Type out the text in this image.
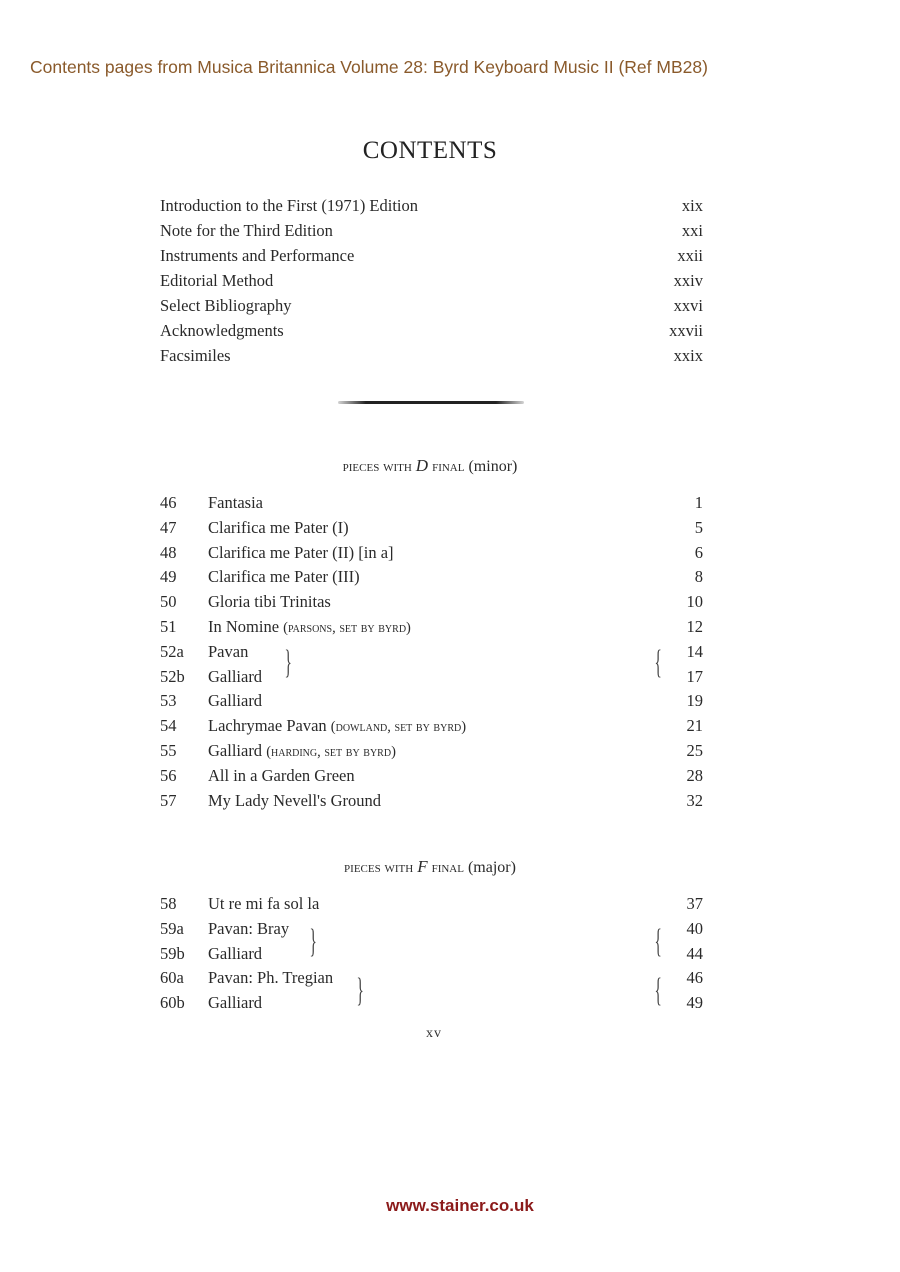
Contents pages from Musica Britannica Volume 28: Byrd Keyboard Music II (Ref MB28)
CONTENTS
Introduction to the First (1971) Edition	xix
Note for the Third Edition	xxi
Instruments and Performance	xxii
Editorial Method	xxiv
Select Bibliography	xxvi
Acknowledgments	xxvii
Facsimiles	xxix
pieces with D final (minor)
46 Fantasia	1
47 Clarifica me Pater (I)	5
48 Clarifica me Pater (II) [in a]	6
49 Clarifica me Pater (III)	8
50 Gloria tibi Trinitas	10
51 In Nomine (parsons, set by byrd)	12
52a Pavan	14
52b Galliard	17
53 Galliard	19
54 Lachrymae Pavan (dowland, set by byrd)	21
55 Galliard (harding, set by byrd)	25
56 All in a Garden Green	28
57 My Lady Nevell's Ground	32
}	{
pieces with F final (major)
58 Ut re mi fa sol la	37
59a Pavan: Bray	40
59b Galliard	44
60a Pavan: Ph. Tregian	46
60b Galliard	49
}	{
}	{
xv
www.stainer.co.uk
